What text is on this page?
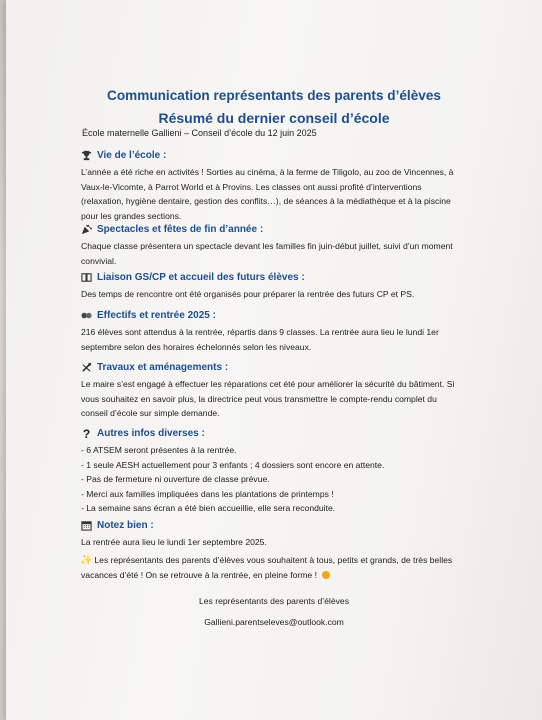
Communication représentants des parents d’élèves
Résumé du dernier conseil d’école
École maternelle Gallieni – Conseil d’école du 12 juin 2025
Vie de l’école :

L’année a été riche en activités ! Sorties au cinéma, à la ferme de Tiligolo, au zoo de Vincennes, à Vaux-le-Vicomte, à Parrot World et à Provins. Les classes ont aussi profité d’interventions (relaxation, hygiène dentaire, gestion des conflits…), de séances à la médiathèque et à la piscine pour les grandes sections.

Spectacles et fêtes de fin d’année :

Chaque classe présentera un spectacle devant les familles fin juin-début juillet, suivi d’un moment convivial.

Liaison GS/CP et accueil des futurs élèves :

Des temps de rencontre ont été organisés pour préparer la rentrée des futurs CP et PS.

Effectifs et rentrée 2025 :

216 élèves sont attendus à la rentrée, répartis dans 9 classes. La rentrée aura lieu le lundi 1er septembre selon des horaires échelonnés selon les niveaux.

Travaux et aménagements :

Le maire s’est engagé à effectuer les réparations cet été pour améliorer la sécurité du bâtiment. Si vous souhaitez en savoir plus, la directrice peut vous transmettre le compte-rendu complet du conseil d’école sur simple demande.

? Autres infos diverses :
- 6 ATSEM seront présentes à la rentrée.
- 1 seule AESH actuellement pour 3 enfants ; 4 dossiers sont encore en attente.
- Pas de fermeture ni ouverture de classe prévue.
- Merci aux familles impliquées dans les plantations de printemps !
- La semaine sans écran a été bien accueillie, elle sera reconduite.
Notez bien :

La rentrée aura lieu le lundi 1er septembre 2025.

✨ Les représentants des parents d’élèves vous souhaitent à tous, petits et grands, de très belles vacances d’été ! On se retrouve à la rentrée, en pleine forme !

Les représentants des parents d’élèves
Gallieni.parentseleves@outlook.com
